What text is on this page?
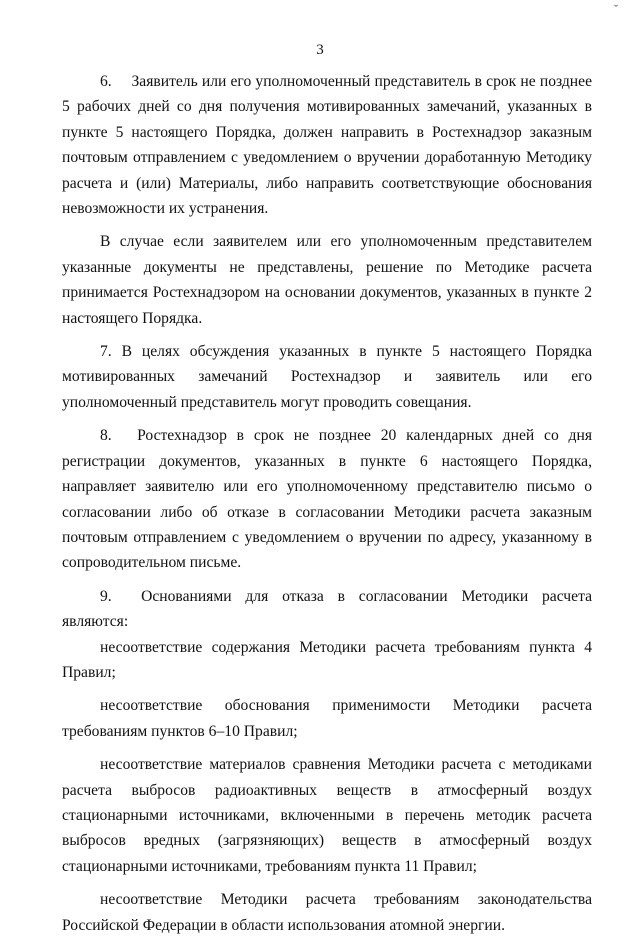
ˇ
3

6.  Заявитель или его уполномоченный представитель в срок не позднее 5 рабочих дней со дня получения мотивированных замечаний, указанных в пункте 5 настоящего Порядка, должен направить в Ростехнадзор заказным почтовым отправлением с уведомлением о вручении доработанную Методику расчета и (или) Материалы, либо направить соответствующие обоснования невозможности их устранения.

В случае если заявителем или его уполномоченным представителем указанные документы не представлены, решение по Методике расчета принимается Ростехнадзором на основании документов, указанных в пункте 2 настоящего Порядка.

7. В целях обсуждения указанных в пункте 5 настоящего Порядка мотивированных замечаний Ростехнадзор и заявитель или его уполномоченный представитель могут проводить совещания.

8.  Ростехнадзор в срок не позднее 20 календарных дней со дня регистрации документов, указанных в пункте 6 настоящего Порядка, направляет заявителю или его уполномоченному представителю письмо о согласовании либо об отказе в согласовании Методики расчета заказным почтовым отправлением с уведомлением о вручении по адресу, указанному в сопроводительном письме.

9.  Основаниями для отказа в согласовании Методики расчета являются:

несоответствие содержания Методики расчета требованиям пункта 4 Правил;

несоответствие обоснования применимости Методики расчета требованиям пунктов 6–10 Правил;

несоответствие материалов сравнения Методики расчета с методиками расчета выбросов радиоактивных веществ в атмосферный воздух стационарными источниками, включенными в перечень методик расчета выбросов вредных (загрязняющих) веществ в атмосферный воздух стационарными источниками, требованиям пункта 11 Правил;

несоответствие Методики расчета требованиям законодательства Российской Федерации в области использования атомной энергии.
